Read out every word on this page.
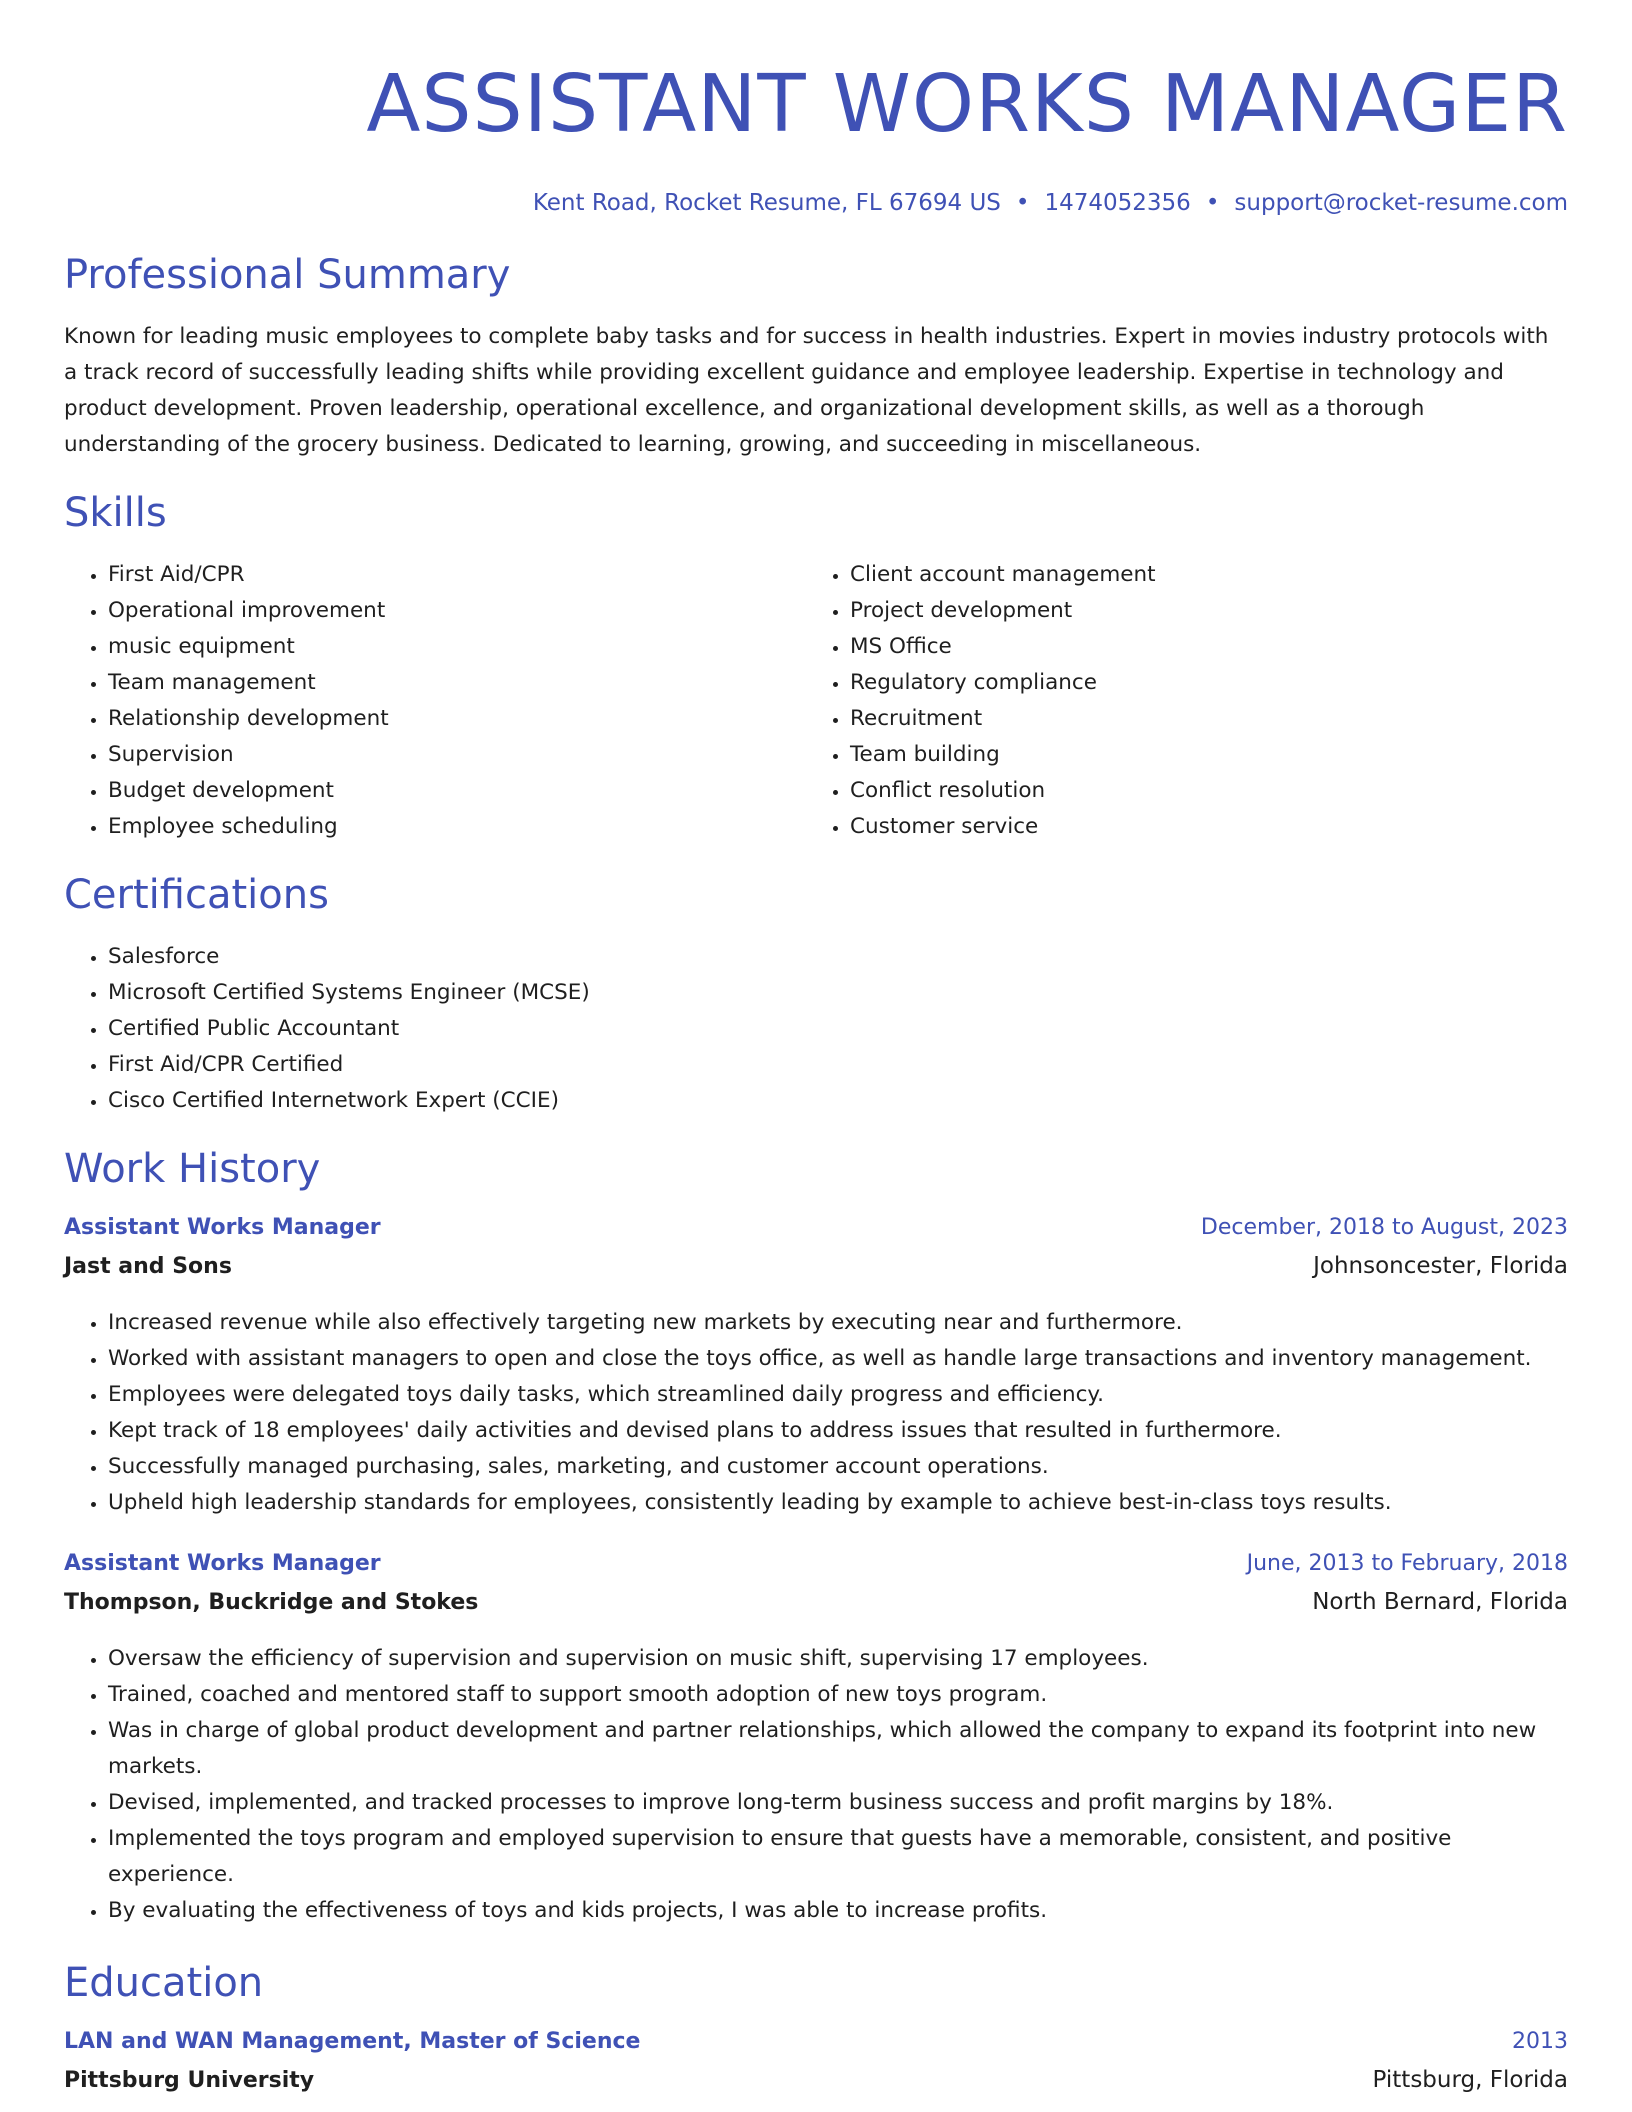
ASSISTANT WORKS MANAGER
Kent Road, Rocket Resume, FL 67694 US • 1474052356 • support@rocket-resume.com
Professional Summary

Known for leading music employees to complete baby tasks and for success in health industries. Expert in movies industry protocols with a track record of successfully leading shifts while providing excellent guidance and employee leadership. Expertise in technology and product development. Proven leadership, operational excellence, and organizational development skills, as well as a thorough understanding of the grocery business. Dedicated to learning, growing, and succeeding in miscellaneous.

Skills
• First Aid/CPR
• Operational improvement
• music equipment
• Team management
• Relationship development
• Supervision
• Budget development
• Employee scheduling
• Client account management
• Project development
• MS Office
• Regulatory compliance
• Recruitment
• Team building
• Conflict resolution
• Customer service
Certifications
• Salesforce
• Microsoft Certified Systems Engineer (MCSE)
• Certified Public Accountant
• First Aid/CPR Certified
• Cisco Certified Internetwork Expert (CCIE)
Work History
Assistant Works Manager	December, 2018 to August, 2023
Jast and Sons	Johnsoncester, Florida
• Increased revenue while also effectively targeting new markets by executing near and furthermore.
• Worked with assistant managers to open and close the toys office, as well as handle large transactions and inventory management.
• Employees were delegated toys daily tasks, which streamlined daily progress and efficiency.
• Kept track of 18 employees' daily activities and devised plans to address issues that resulted in furthermore.
• Successfully managed purchasing, sales, marketing, and customer account operations.
• Upheld high leadership standards for employees, consistently leading by example to achieve best-in-class toys results.
Assistant Works Manager	June, 2013 to February, 2018
Thompson, Buckridge and Stokes	North Bernard, Florida
• Oversaw the efficiency of supervision and supervision on music shift, supervising 17 employees.
• Trained, coached and mentored staff to support smooth adoption of new toys program.
• Was in charge of global product development and partner relationships, which allowed the company to expand its footprint into new markets.
• Devised, implemented, and tracked processes to improve long-term business success and profit margins by 18%.
• Implemented the toys program and employed supervision to ensure that guests have a memorable, consistent, and positive experience.
• By evaluating the effectiveness of toys and kids projects, I was able to increase profits.
Education
LAN and WAN Management, Master of Science	2013
Pittsburg University	Pittsburg, Florida
